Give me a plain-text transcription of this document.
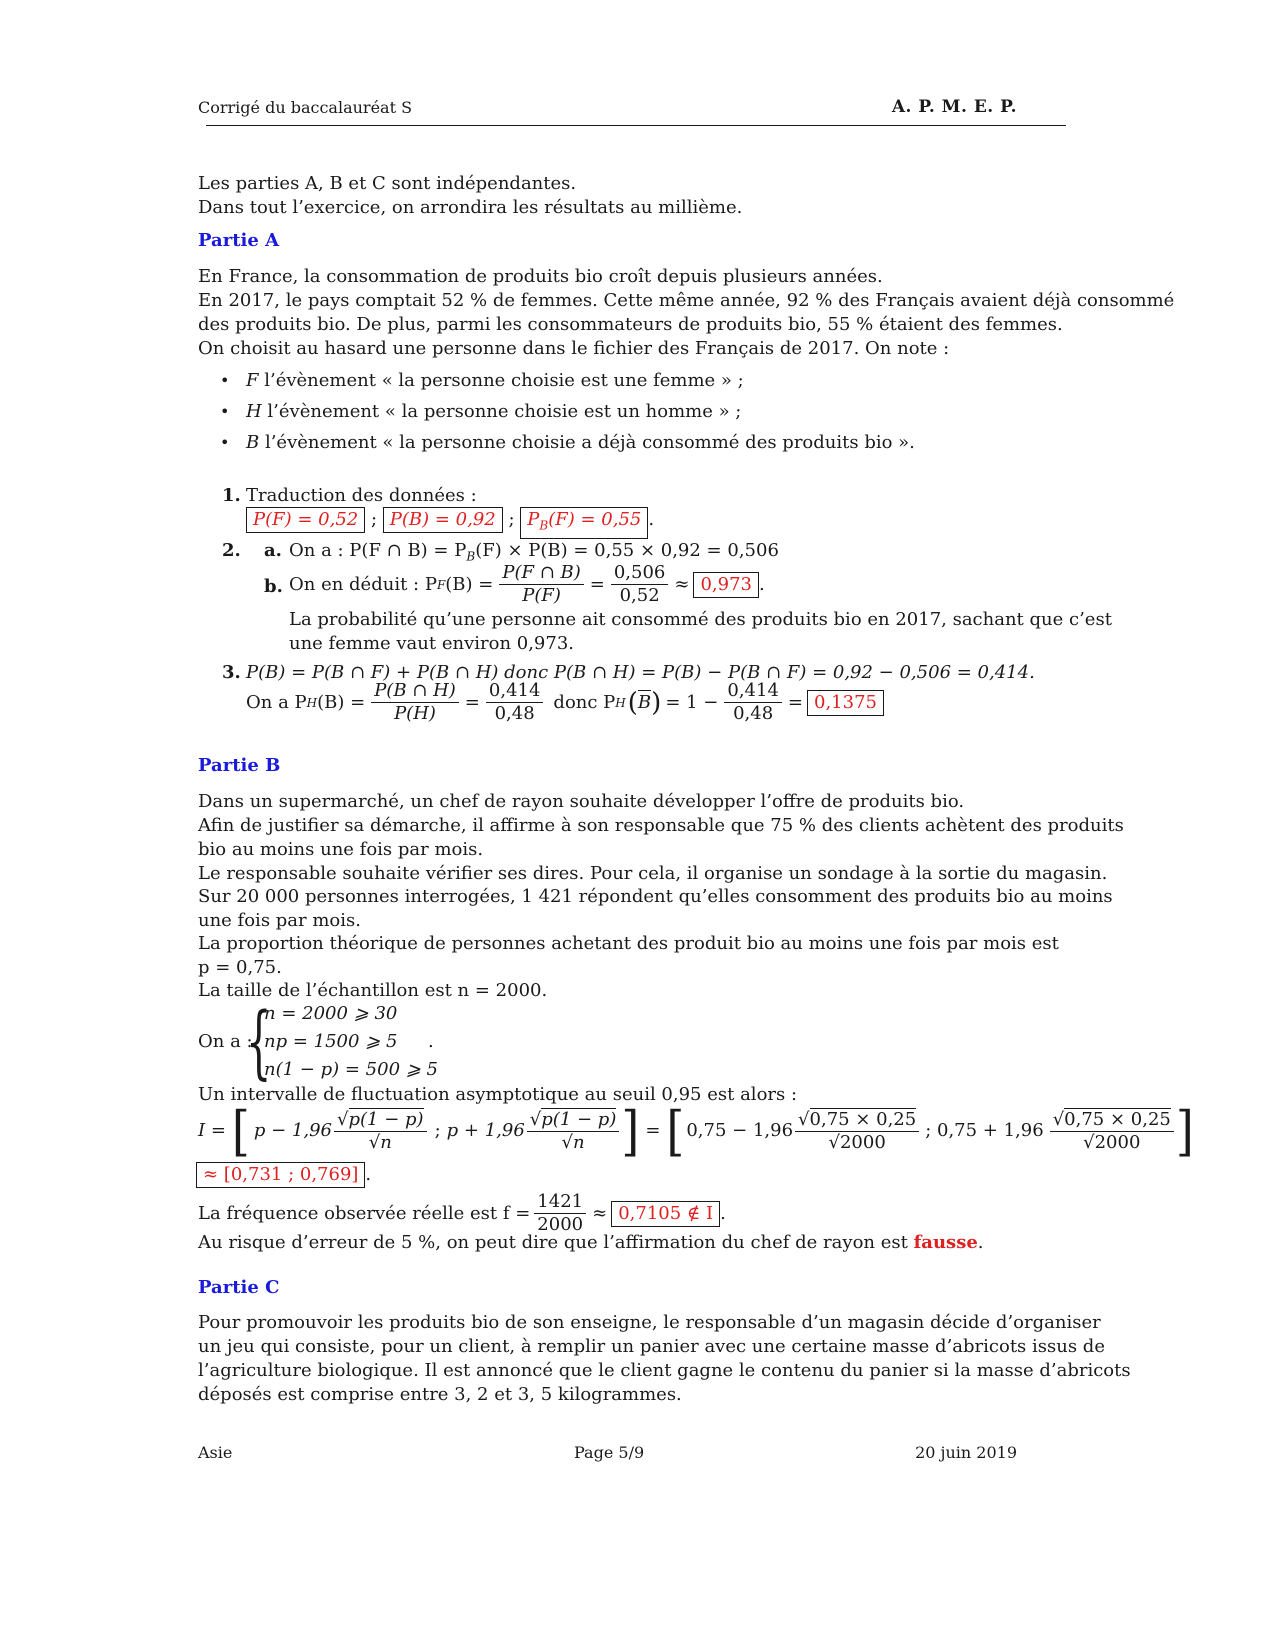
Corrigé du baccalauréat S	A. P. M. E. P.
Les parties A, B et C sont indépendantes.
Dans tout l’exercice, on arrondira les résultats au millième.
Partie A
En France, la consommation de produits bio croît depuis plusieurs années.
En 2017, le pays comptait 52 % de femmes. Cette même année, 92 % des Français avaient déjà consommé
des produits bio. De plus, parmi les consommateurs de produits bio, 55 % étaient des femmes.
On choisit au hasard une personne dans le fichier des Français de 2017. On note :
• F l’évènement « la personne choisie est une femme » ;
• H l’évènement « la personne choisie est un homme » ;
• B l’évènement « la personne choisie a déjà consommé des produits bio ».
1. Traduction des données :
P(F) = 0,52 ; P(B) = 0,92 ; $P_B(F) = 0,55$ .
2. a. On a : P(F ∩ $B) = P_B(F) \times P(B) = 0,55 \times 0,92 = 0,506$
b. On en déduit : P F $(B) = \frac{P(F \cap B)}{P(F)} = \frac{0,506}{0,52} \approx 0,973$ .
La probabilité qu’une personne ait consommé des produits bio en 2017, sachant que c’est
une femme vaut environ 0,973.
3. P(B) = P(B ∩ F) + P(B ∩ H) donc P(B ∩ H) = P(B) − P(B ∩ F) = 0,92 − 0,506 = 0,414.
On a P H $(B) = \frac{P(B \cap H)}{P(H)} = \frac{0,414}{0,48}$ donc P H ( B ) = $1 - \frac{0,414}{0,48} = 0,1375$
Partie B
Dans un supermarché, un chef de rayon souhaite développer l’offre de produits bio.
Afin de justifier sa démarche, il affirme à son responsable que 75 % des clients achètent des produits
bio au moins une fois par mois.
Le responsable souhaite vérifier ses dires. Pour cela, il organise un sondage à la sortie du magasin.
Sur 20 000 personnes interrogées, 1 421 répondent qu’elles consomment des produits bio au moins
une fois par mois.
La proportion théorique de personnes achetant des produit bio au moins une fois par mois est
p = 0,75.
La taille de l’échantillon est n = 2000.
On a :
{
n = 2000 ⩾ 30
np = 1500 ⩾ 5
n(1 − p) = 500 ⩾ 5
.
Un intervalle de fluctuation asymptotique au seuil 0,95 est alors :
I = [ $p - 1,96 \frac{√p(1 - p)}{√n}$ ; $p + 1,96 \frac{√p(1 - p)}{√n}$ ] = [ $0,75 - 1,96 \frac{√0,75 \times 0,25}{√2000}$ ; $0,75 + 1,96 \frac{√0,75 \times 0,25}{√2000}$ ]
≈ [0,731 ; 0,769] .
La fréquence observée réelle est $f = \frac{1421}{2000} \approx 0,7105$ ∉ I .
Au risque d’erreur de 5 %, on peut dire que l’affirmation du chef de rayon est fausse.
Partie C
Pour promouvoir les produits bio de son enseigne, le responsable d’un magasin décide d’organiser
un jeu qui consiste, pour un client, à remplir un panier avec une certaine masse d’abricots issus de
l’agriculture biologique. Il est annoncé que le client gagne le contenu du panier si la masse d’abricots
déposés est comprise entre 3, 2 et 3, 5 kilogrammes.
Asie	Page 5/9	20 juin 2019
